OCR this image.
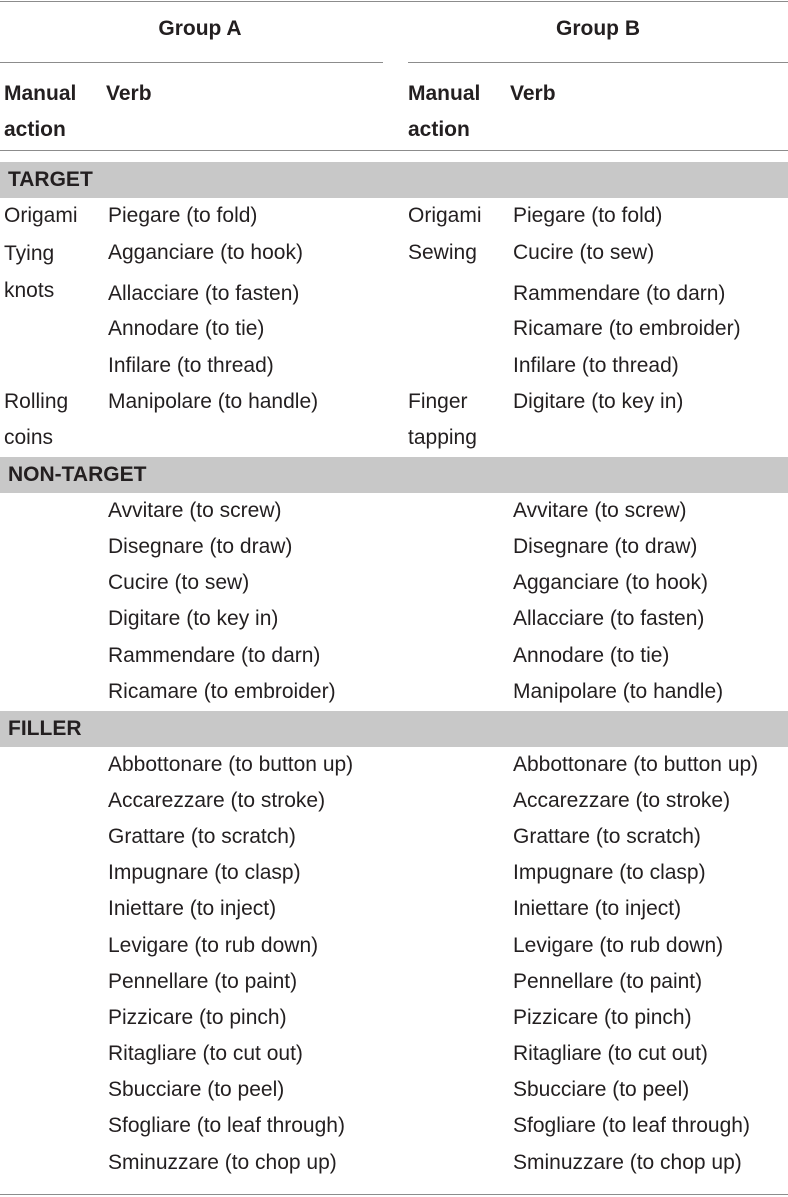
Group A	Group B
Manual
action
Verb	Manual
action
Verb
TARGET
NON-TARGET
FILLER
Origami
Tying
knots
Rolling
coins
Origami
Sewing
Finger
tapping
Piegare (to fold)
Agganciare (to hook)
Allacciare (to fasten)
Annodare (to tie)
Infilare (to thread)
Manipolare (to handle)
Piegare (to fold)
Cucire (to sew)
Rammendare (to darn)
Ricamare (to embroider)
Infilare (to thread)
Digitare (to key in)
Avvitare (to screw)
Disegnare (to draw)
Cucire (to sew)
Digitare (to key in)
Rammendare (to darn)
Ricamare (to embroider)
Avvitare (to screw)
Disegnare (to draw)
Agganciare (to hook)
Allacciare (to fasten)
Annodare (to tie)
Manipolare (to handle)
Abbottonare (to button up)
Accarezzare (to stroke)
Grattare (to scratch)
Impugnare (to clasp)
Iniettare (to inject)
Levigare (to rub down)
Pennellare (to paint)
Pizzicare (to pinch)
Ritagliare (to cut out)
Sbucciare (to peel)
Sfogliare (to leaf through)
Sminuzzare (to chop up)
Abbottonare (to button up)
Accarezzare (to stroke)
Grattare (to scratch)
Impugnare (to clasp)
Iniettare (to inject)
Levigare (to rub down)
Pennellare (to paint)
Pizzicare (to pinch)
Ritagliare (to cut out)
Sbucciare (to peel)
Sfogliare (to leaf through)
Sminuzzare (to chop up)
